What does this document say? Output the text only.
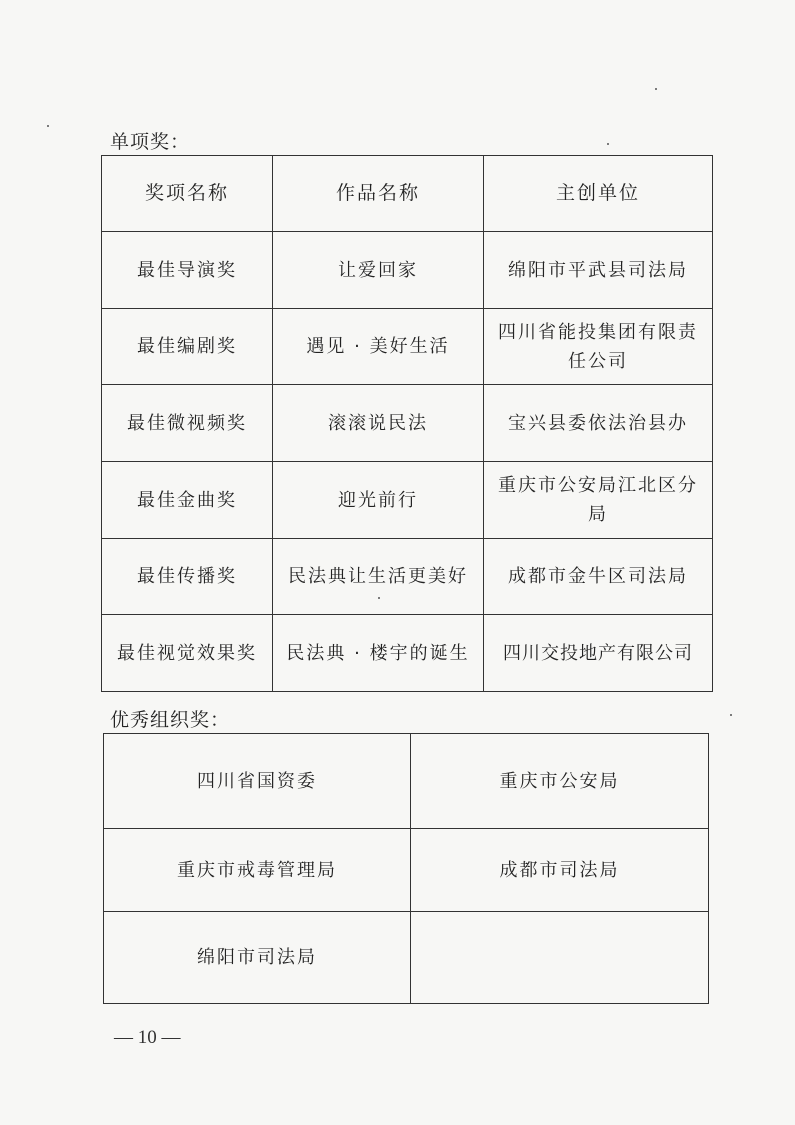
单项奖：
奖项名称	作品名称	主创单位
最佳导演奖	让爱回家	绵阳市平武县司法局
最佳编剧奖	遇见 · 美好生活	四川省能投集团有限责任公司
最佳微视频奖	滚滚说民法	宝兴县委依法治县办
最佳金曲奖	迎光前行	重庆市公安局江北区分局
最佳传播奖	民法典让生活更美好	成都市金牛区司法局
最佳视觉效果奖	民法典 · 楼宇的诞生	四川交投地产有限公司
优秀组织奖：
四川省国资委	重庆市公安局
重庆市戒毒管理局	成都市司法局
绵阳市司法局	
— 10 —
